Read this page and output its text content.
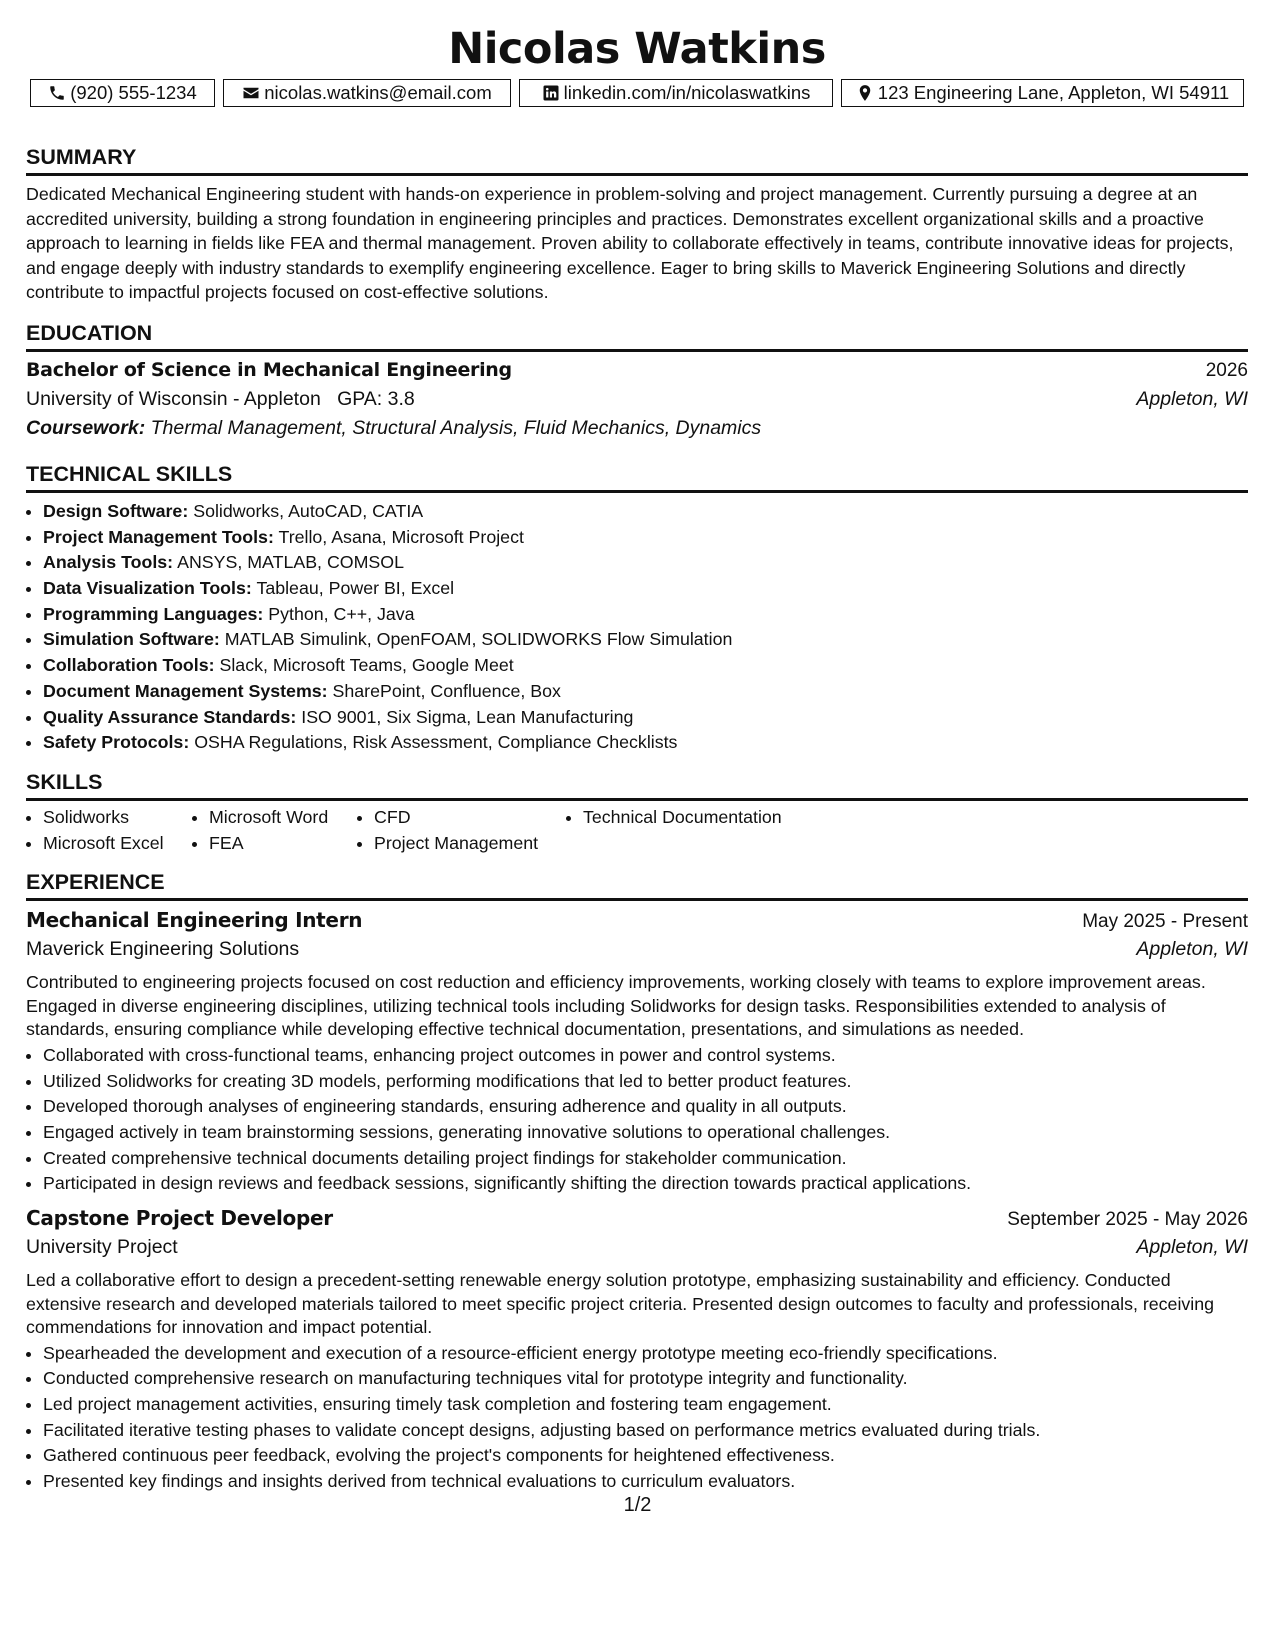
Nicolas Watkins
(920) 555-1234	nicolas.watkins@email.com	linkedin.com/in/nicolaswatkins	123 Engineering Lane, Appleton, WI 54911
SUMMARY

Dedicated Mechanical Engineering student with hands-on experience in problem-solving and project management. Currently pursuing a degree at an accredited university, building a strong foundation in engineering principles and practices. Demonstrates excellent organizational skills and a proactive approach to learning in fields like FEA and thermal management. Proven ability to collaborate effectively in teams, contribute innovative ideas for projects, and engage deeply with industry standards to exemplify engineering excellence. Eager to bring skills to Maverick Engineering Solutions and directly contribute to impactful projects focused on cost-effective solutions.

EDUCATION
Bachelor of Science in Mechanical Engineering	2026
University of Wisconsin - Appleton GPA: 3.8	Appleton, WI
Coursework: Thermal Management, Structural Analysis, Fluid Mechanics, Dynamics
TECHNICAL SKILLS
• Design Software: Solidworks, AutoCAD, CATIA
• Project Management Tools: Trello, Asana, Microsoft Project
• Analysis Tools: ANSYS, MATLAB, COMSOL
• Data Visualization Tools: Tableau, Power BI, Excel
• Programming Languages: Python, C++, Java
• Simulation Software: MATLAB Simulink, OpenFOAM, SOLIDWORKS Flow Simulation
• Collaboration Tools: Slack, Microsoft Teams, Google Meet
• Document Management Systems: SharePoint, Confluence, Box
• Quality Assurance Standards: ISO 9001, Six Sigma, Lean Manufacturing
• Safety Protocols: OSHA Regulations, Risk Assessment, Compliance Checklists
SKILLS
• Solidworks
• Microsoft Excel
• Microsoft Word
• FEA
• CFD
• Project Management
• Technical Documentation
EXPERIENCE
Mechanical Engineering Intern	May 2025 - Present
Maverick Engineering Solutions	Appleton, WI

Contributed to engineering projects focused on cost reduction and efficiency improvements, working closely with teams to explore improvement areas. Engaged in diverse engineering disciplines, utilizing technical tools including Solidworks for design tasks. Responsibilities extended to analysis of standards, ensuring compliance while developing effective technical documentation, presentations, and simulations as needed.

• Collaborated with cross-functional teams, enhancing project outcomes in power and control systems.
• Utilized Solidworks for creating 3D models, performing modifications that led to better product features.
• Developed thorough analyses of engineering standards, ensuring adherence and quality in all outputs.
• Engaged actively in team brainstorming sessions, generating innovative solutions to operational challenges.
• Created comprehensive technical documents detailing project findings for stakeholder communication.
• Participated in design reviews and feedback sessions, significantly shifting the direction towards practical applications.
Capstone Project Developer	September 2025 - May 2026
University Project	Appleton, WI

Led a collaborative effort to design a precedent-setting renewable energy solution prototype, emphasizing sustainability and efficiency. Conducted extensive research and developed materials tailored to meet specific project criteria. Presented design outcomes to faculty and professionals, receiving commendations for innovation and impact potential.

• Spearheaded the development and execution of a resource-efficient energy prototype meeting eco-friendly specifications.
• Conducted comprehensive research on manufacturing techniques vital for prototype integrity and functionality.
• Led project management activities, ensuring timely task completion and fostering team engagement.
• Facilitated iterative testing phases to validate concept designs, adjusting based on performance metrics evaluated during trials.
• Gathered continuous peer feedback, evolving the project's components for heightened effectiveness.
• Presented key findings and insights derived from technical evaluations to curriculum evaluators.
1/2
